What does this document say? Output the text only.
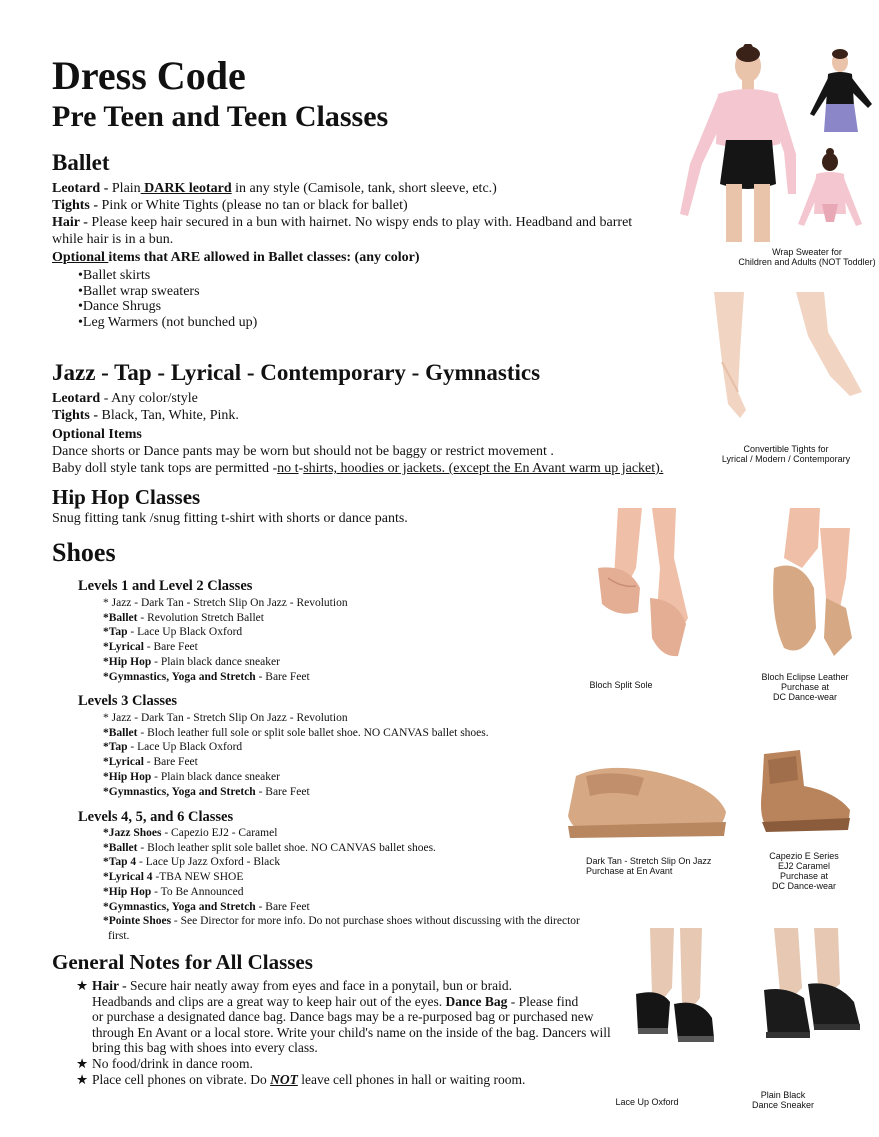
Dress Code
Pre Teen and Teen Classes
Ballet
Leotard - Plain DARK leotard in any style (Camisole, tank, short sleeve, etc.)
Tights - Pink or White Tights (please no tan or black for ballet)
Hair - Please keep hair secured in a bun with hairnet. No wispy ends to play with. Headband and barret
while hair is in a bun.
Optional items that ARE allowed in Ballet classes: (any color)
•Ballet skirts
•Ballet wrap sweaters
•Dance Shrugs
•Leg Warmers (not bunched up)
Jazz - Tap - Lyrical - Contemporary - Gymnastics
Leotard - Any color/style
Tights - Black, Tan, White, Pink.
Optional Items
Dance shorts or Dance pants may be worn but should not be baggy or restrict movement .
Baby doll style tank tops are permitted -no t-shirts, hoodies or jackets. (except the En Avant warm up jacket).
Hip Hop Classes
Snug fitting tank /snug fitting t-shirt with shorts or dance pants.
Shoes
Levels 1 and Level 2 Classes
* Jazz - Dark Tan - Stretch Slip On Jazz - Revolution
*Ballet - Revolution Stretch Ballet
*Tap - Lace Up Black Oxford
*Lyrical - Bare Feet
*Hip Hop - Plain black dance sneaker
*Gymnastics, Yoga and Stretch - Bare Feet
Levels 3 Classes
* Jazz - Dark Tan - Stretch Slip On Jazz - Revolution
*Ballet - Bloch leather full sole or split sole ballet shoe. NO CANVAS ballet shoes.
*Tap - Lace Up Black Oxford
*Lyrical - Bare Feet
*Hip Hop - Plain black dance sneaker
*Gymnastics, Yoga and Stretch - Bare Feet
Levels 4, 5, and 6 Classes
*Jazz Shoes - Capezio EJ2 - Caramel
*Ballet - Bloch leather split sole ballet shoe. NO CANVAS ballet shoes.
*Tap 4 - Lace Up Jazz Oxford - Black
*Lyrical 4 -TBA NEW SHOE
*Hip Hop - To Be Announced
*Gymnastics, Yoga and Stretch - Bare Feet
*Pointe Shoes - See Director for more info. Do not purchase shoes without discussing with the director
first.
General Notes for All Classes
★ Hair - Secure hair neatly away from eyes and face in a ponytail, bun or braid.
Headbands and clips are a great way to keep hair out of the eyes. Dance Bag - Please find
or purchase a designated dance bag. Dance bags may be a re-purposed bag or purchased new
through En Avant or a local store. Write your child's name on the inside of the bag. Dancers will
bring this bag with shoes into every class.
★ No food/drink in dance room.
★ Place cell phones on vibrate. Do NOT leave cell phones in hall or waiting room.
Wrap Sweater for
Children and Adults (NOT Toddler)
Convertible Tights for
Lyrical / Modern / Contemporary
Bloch Split Sole
Bloch Eclipse Leather
Purchase at
DC Dance-wear
Dark Tan - Stretch Slip On Jazz
Purchase at En Avant
Capezio E Series
EJ2 Caramel
Purchase at
DC Dance-wear
Lace Up Oxford
Plain Black
Dance Sneaker
